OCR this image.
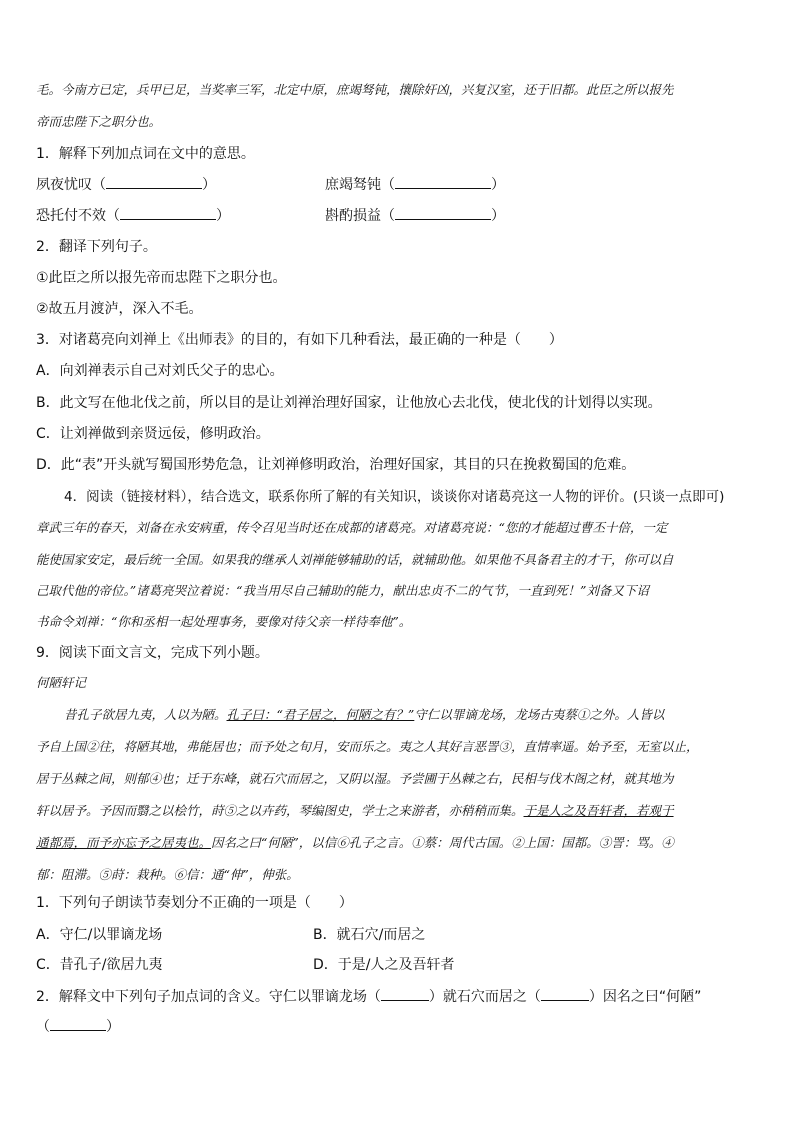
毛。今南方已定，兵甲已足，当奖率三军，北定中原，庶竭驽钝，攘除奸凶，兴复汉室，还于旧都。此臣之所以报先
帝而忠陛下之职分也。
1．解释下列加点词在文中的意思。
夙夜忧叹（	）	庶竭驽钝（	）
恐托付不效（	）	斟酌损益（	）
2．翻译下列句子。
①此臣之所以报先帝而忠陛下之职分也。
②故五月渡泸，深入不毛。
3．对诸葛亮向刘禅上《出师表》的目的，有如下几种看法，最正确的一种是（　　）
A．向刘禅表示自己对刘氏父子的忠心。
B．此文写在他北伐之前，所以目的是让刘禅治理好国家，让他放心去北伐，使北伐的计划得以实现。
C．让刘禅做到亲贤远佞，修明政治。
D．此“表”开头就写蜀国形势危急，让刘禅修明政治，治理好国家，其目的只在挽救蜀国的危难。
4．阅读（链接材料），结合选文，联系你所了解的有关知识，谈谈你对诸葛亮这一人物的评价。(只谈一点即可)
章武三年的春天，刘备在永安病重，传令召见当时还在成都的诸葛亮。对诸葛亮说：“您的才能超过曹丕十倍，一定
能使国家安定，最后统一全国。如果我的继承人刘禅能够辅助的话，就辅助他。如果他不具备君主的才干，你可以自
己取代他的帝位。”诸葛亮哭泣着说：“我当用尽自己辅助的能力，献出忠贞不二的气节，一直到死！”刘备又下诏
书命令刘禅：“你和丞相一起处理事务，要像对待父亲一样待奉他”。
9．阅读下面文言文，完成下列小题。
何陋轩记
昔孔子欲居九夷，人以为陋。孔子曰：“君子居之，何陋之有？”守仁以罪谪龙场，龙场古夷蔡①之外。人皆以
予自上国②往，将陋其地，弗能居也；而予处之旬月，安而乐之。夷之人其好言恶詈③，直情率遥。始予至，无室以止，
居于丛棘之间，则郁④也；迁于东峰，就石穴而居之，又阴以湿。予尝圃于丛棘之右，民相与伐木阁之材，就其地为
轩以居予。予因而翳之以桧竹，莳⑤之以卉药，琴编图史，学士之来游者，亦稍稍而集。于是人之及吾轩者，若观于
通都焉，而予亦忘予之居夷也。因名之曰“何陋”，以信⑥孔子之言。①蔡：周代古国。②上国：国都。③詈：骂。④
郁：阻滞。⑤莳：栽种。⑥信：通“伸”，伸张。
1．下列句子朗读节奏划分不正确的一项是（　　）
A．守仁/以罪谪龙场	B．就石穴/而居之
C．昔孔子/欲居九夷	D．于是/人之及吾轩者
2．解释文中下列句子加点词的含义。守仁以罪谪龙场（	）就石穴而居之（	）因名之曰“何陋”
（	）
